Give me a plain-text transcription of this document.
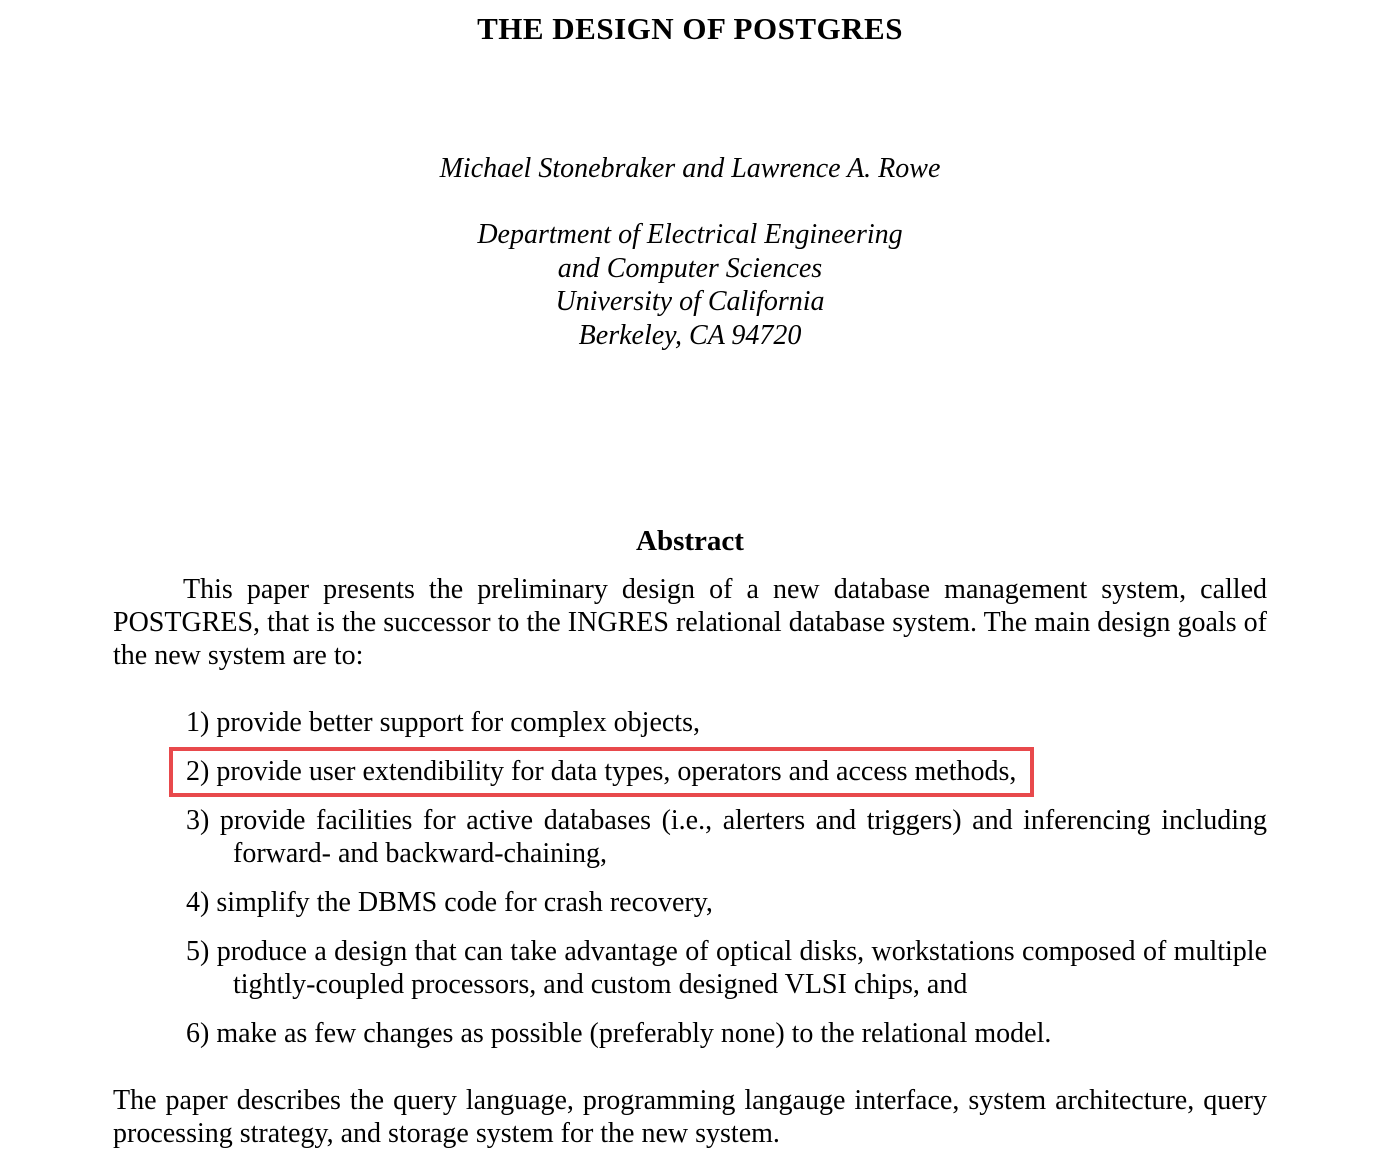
THE DESIGN OF POSTGRES
Michael Stonebraker and Lawrence A. Rowe
Department of Electrical Engineering
and Computer Sciences
University of California
Berkeley, CA 94720
Abstract

This paper presents the preliminary design of a new database management system, called POSTGRES, that is the successor to the INGRES relational database system. The main design goals of the new system are to:

1) provide better support for complex objects,
2) provide user extendibility for data types, operators and access methods,
3) provide facilities for active databases (i.e., alerters and triggers) and inferencing including forward- and backward-chaining,
4) simplify the DBMS code for crash recovery,
5) produce a design that can take advantage of optical disks, workstations composed of multiple tightly-coupled processors, and custom designed VLSI chips, and
6) make as few changes as possible (preferably none) to the relational model.

The paper describes the query language, programming langauge interface, system architecture, query processing strategy, and storage system for the new system.
